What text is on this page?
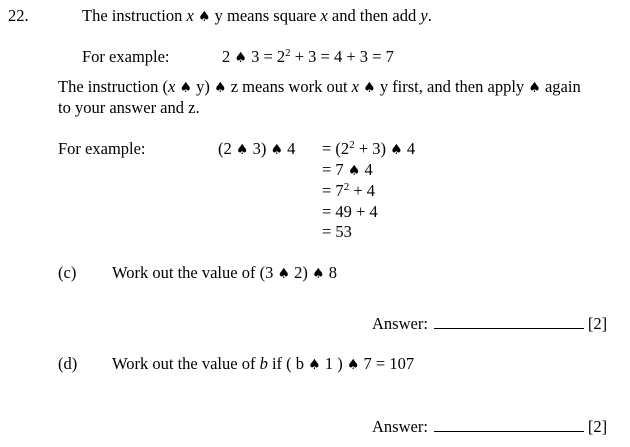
22.	The instruction x ♠ y means square x and then add y.
For example:	2 ♠ $3 = 2^2 + 3 = 4 + 3 = 7$
The instruction (x ♠ y) ♠ z means work out x ♠ y first, and then apply ♠ again
to your answer and z.
For example:	(2 ♠ 3) ♠ $4 = (2^2 + 3)$ ♠ 4
= 7 ♠ 4
= $7^2 + 4$
= 49 + 4
= 53
(c) Work out the value of (3 ♠ 2) ♠ 8
Answer:	[2]
(d) Work out the value of b if ( b ♠ 1 ) ♠ 7 = 107
Answer:	[2]
